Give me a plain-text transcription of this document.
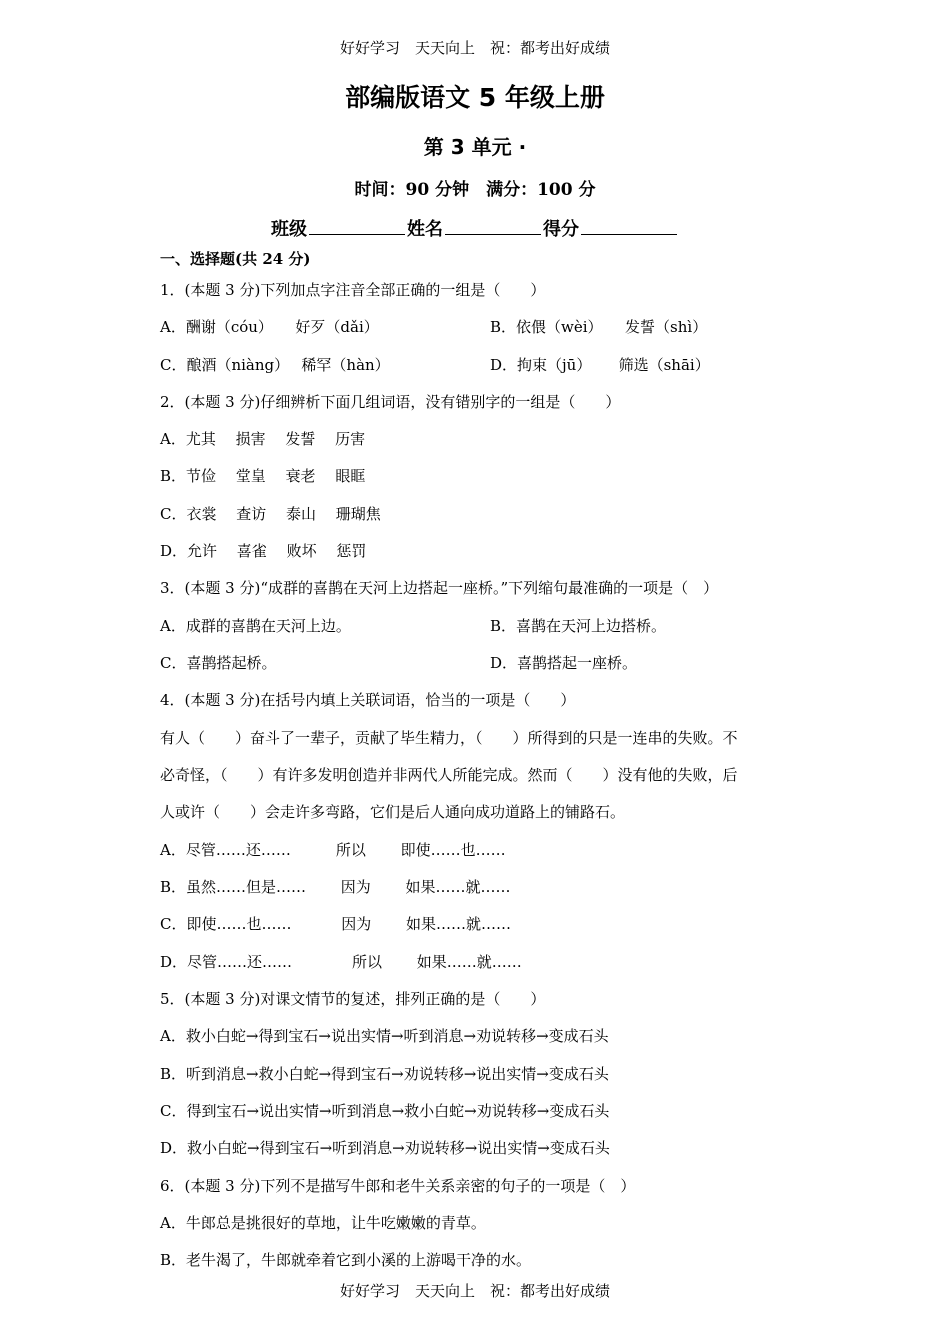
好好学习　天天向上　祝：都考出好成绩
部编版语文 5 年级上册
第 3 单元 ·
时间：90 分钟　满分：100 分
班级	姓名	得分
一、选择题(共 24 分)
1．(本题 3 分)下列加点字注音全部正确的一组是（　　）
A．酬谢（cóu）　　好歹（dǎi）	B．依偎（wèi）　　发誓（shì）
C．酿酒（niàng）　 稀罕（hàn）	D．拘束（jū）　　 筛选（shāi）
2．(本题 3 分)仔细辨析下面几组词语，没有错别字的一组是（　　）
A．尤其　 损害　 发誓　 历害
B．节俭　 堂皇　 衰老　 眼眶
C．衣裳　 查访　 泰山　 珊瑚焦
D．允许　 喜雀　 败坏　 惩罚
3．(本题 3 分)“成群的喜鹊在天河上边搭起一座桥。”下列缩句最准确的一项是（　）
A．成群的喜鹊在天河上边。	B．喜鹊在天河上边搭桥。
C．喜鹊搭起桥。	D．喜鹊搭起一座桥。
4．(本题 3 分)在括号内填上关联词语，恰当的一项是（　　）
有人（　　）奋斗了一辈子，贡献了毕生精力，（　　）所得到的只是一连串的失败。不
必奇怪，（　　）有许多发明创造并非两代人所能完成。然而（　　）没有他的失败，后
人或许（　　）会走许多弯路，它们是后人通向成功道路上的铺路石。
A．尽管……还……　　　所以　　 即使……也……
B．虽然……但是……　　 因为　　 如果……就……
C．即使……也……　　　 因为　　 如果……就……
D．尽管……还……　　　　所以　　 如果……就……
5．(本题 3 分)对课文情节的复述，排列正确的是（　　）
A．救小白蛇→得到宝石→说出实情→听到消息→劝说转移→变成石头
B．听到消息→救小白蛇→得到宝石→劝说转移→说出实情→变成石头
C．得到宝石→说出实情→听到消息→救小白蛇→劝说转移→变成石头
D．救小白蛇→得到宝石→听到消息→劝说转移→说出实情→变成石头
6．(本题 3 分)下列不是描写牛郎和老牛关系亲密的句子的一项是（　）
A．牛郎总是挑很好的草地，让牛吃嫩嫩的青草。
B．老牛渴了，牛郎就牵着它到小溪的上游喝干净的水。
好好学习　天天向上　祝：都考出好成绩
